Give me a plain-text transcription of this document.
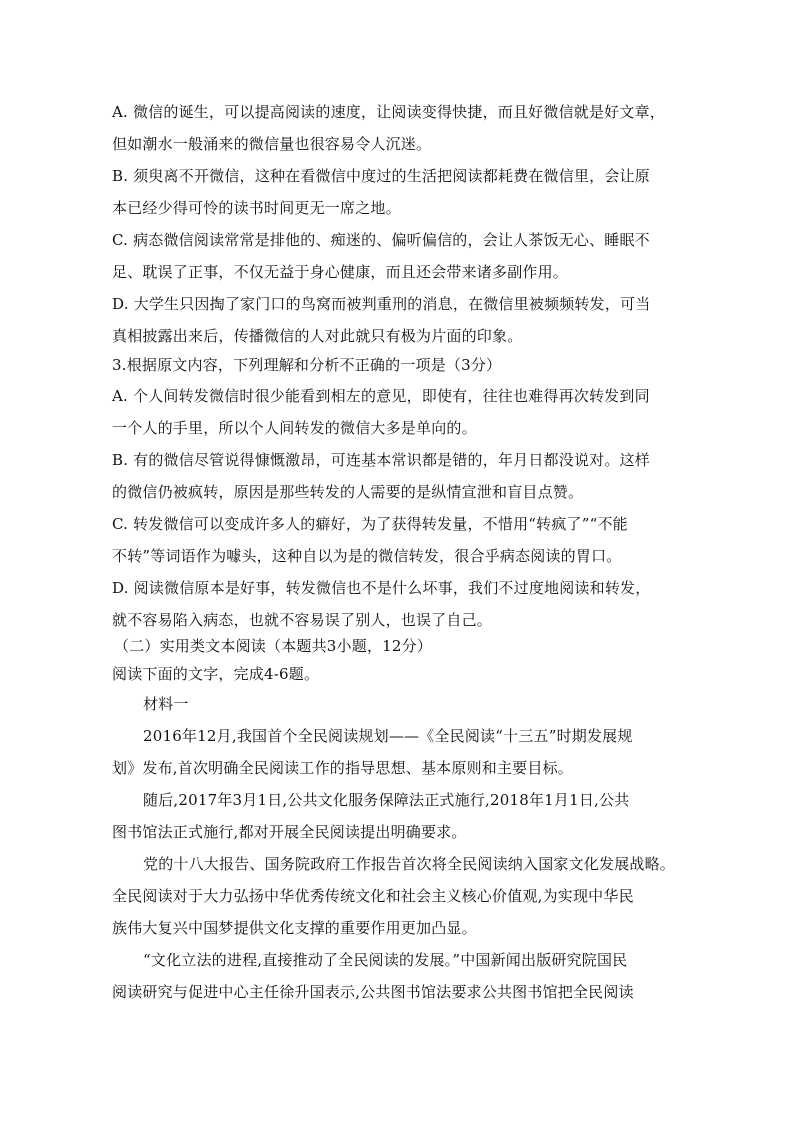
A. 微信的诞生，可以提高阅读的速度，让阅读变得快捷，而且好微信就是好文章，
但如潮水一般涌来的微信量也很容易令人沉迷。
B. 须臾离不开微信，这种在看微信中度过的生活把阅读都耗费在微信里，会让原
本已经少得可怜的读书时间更无一席之地。
C. 病态微信阅读常常是排他的、痴迷的、偏听偏信的，会让人茶饭无心、睡眠不
足、耽误了正事，不仅无益于身心健康，而且还会带来诸多副作用。
D. 大学生只因掏了家门口的鸟窝而被判重刑的消息，在微信里被频频转发，可当
真相披露出来后，传播微信的人对此就只有极为片面的印象。
3.根据原文内容，下列理解和分析不正确的一项是（3分）
A. 个人间转发微信时很少能看到相左的意见，即使有，往往也难得再次转发到同
一个人的手里，所以个人间转发的微信大多是单向的。
B. 有的微信尽管说得慷慨激昂，可连基本常识都是错的，年月日都没说对。这样
的微信仍被疯转，原因是那些转发的人需要的是纵情宣泄和盲目点赞。
C. 转发微信可以变成许多人的癖好，为了获得转发量，不惜用“转疯了”“不能
不转”等词语作为噱头，这种自以为是的微信转发，很合乎病态阅读的胃口。
D. 阅读微信原本是好事，转发微信也不是什么坏事，我们不过度地阅读和转发，
就不容易陷入病态，也就不容易误了别人，也误了自己。
（二）实用类文本阅读（本题共3小题，12分）
阅读下面的文字，完成4-6题。
材料一
2016年12月,我国首个全民阅读规划——《全民阅读“十三五”时期发展规
划》发布,首次明确全民阅读工作的指导思想、基本原则和主要目标。
随后,2017年3月1日,公共文化服务保障法正式施行,2018年1月1日,公共
图书馆法正式施行,都对开展全民阅读提出明确要求。
党的十八大报告、国务院政府工作报告首次将全民阅读纳入国家文化发展战略。
全民阅读对于大力弘扬中华优秀传统文化和社会主义核心价值观,为实现中华民
族伟大复兴中国梦提供文化支撑的重要作用更加凸显。
“文化立法的进程,直接推动了全民阅读的发展。”中国新闻出版研究院国民
阅读研究与促进中心主任徐升国表示,公共图书馆法要求公共图书馆把全民阅读
